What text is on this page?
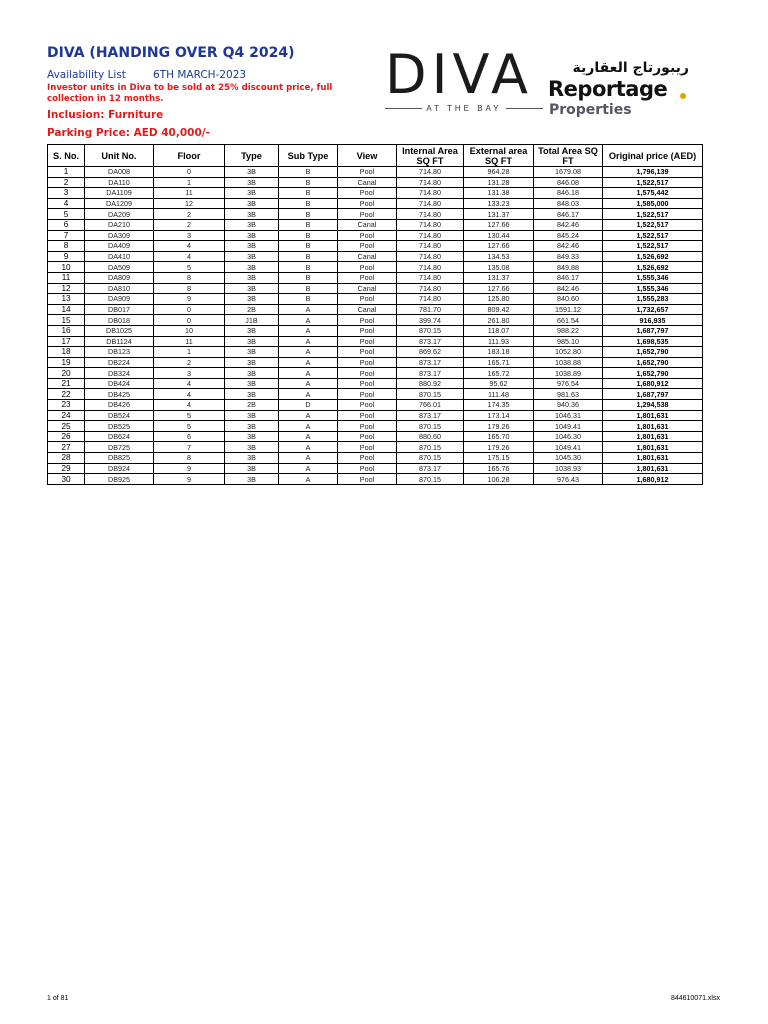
DIVA (HANDING OVER Q4 2024)
Availability List	6TH MARCH-2023

Investor units in Diva to be sold at 25% discount price, full collection in 12 months.

Inclusion: Furniture
Parking Price: AED 40,000/-
DIVA
AT THE BAY
ريبورتاج العقارية
Reportage
Properties
S. No.	Unit No.	Floor	Type	Sub Type	View	Internal Area SQ FT	External area SQ FT	Total Area SQ FT	Original price (AED)
1	DA008	0	3B	B	Pool	714.80	964.28	1679.08	1,796,139
2	DA110	1	3B	B	Canal	714.80	131.28	846.08	1,522,517
3	DA1109	11	3B	B	Pool	714.80	131.38	846.18	1,575,442
4	DA1209	12	3B	B	Pool	714.80	133.23	848.03	1,585,000
5	DA209	2	3B	B	Pool	714.80	131.37	846.17	1,522,517
6	DA210	2	3B	B	Canal	714.80	127.66	842.46	1,522,517
7	DA309	3	3B	B	Pool	714.80	130.44	845.24	1,522,517
8	DA409	4	3B	B	Pool	714.80	127.66	842.46	1,522,517
9	DA410	4	3B	B	Canal	714.80	134.53	849.33	1,526,692
10	DA509	5	3B	B	Pool	714.80	135.08	849.88	1,526,692
11	DA809	8	3B	B	Pool	714.80	131.37	846.17	1,555,346
12	DA810	8	3B	B	Canal	714.80	127.66	842.46	1,555,346
13	DA909	9	3B	B	Pool	714.80	125.80	840.60	1,555,283
14	DB017	0	2B	A	Canal	781.70	809.42	1591.12	1,732,657
15	DB018	0	J1B	A	Pool	399.74	261.80	661.54	916,935
16	DB1025	10	3B	A	Pool	870.15	118.07	988.22	1,687,797
17	DB1124	11	3B	A	Pool	873.17	111.93	985.10	1,698,535
18	DB123	1	3B	A	Pool	869.62	183.18	1052.80	1,652,790
19	DB224	2	3B	A	Pool	873.17	165.71	1038.88	1,652,790
20	DB324	3	3B	A	Pool	873.17	165.72	1038.89	1,652,790
21	DB424	4	3B	A	Pool	880.92	95.62	976.54	1,680,912
22	DB425	4	3B	A	Pool	870.15	111.48	981.63	1,687,797
23	DB426	4	2B	D	Pool	766.01	174.35	940.36	1,294,538
24	DB524	5	3B	A	Pool	873.17	173.14	1046.31	1,801,631
25	DB525	5	3B	A	Pool	870.15	179.26	1049.41	1,801,631
26	DB624	6	3B	A	Pool	880.60	165.70	1046.30	1,801,631
27	DB725	7	3B	A	Pool	870.15	179.26	1049.41	1,801,631
28	DB825	8	3B	A	Pool	870.15	175.15	1045.30	1,801,631
29	DB924	9	3B	A	Pool	873.17	165.76	1038.93	1,801,631
30	DB925	9	3B	A	Pool	870.15	106.28	976.43	1,680,912
1 of 81	844610071.xlsx
